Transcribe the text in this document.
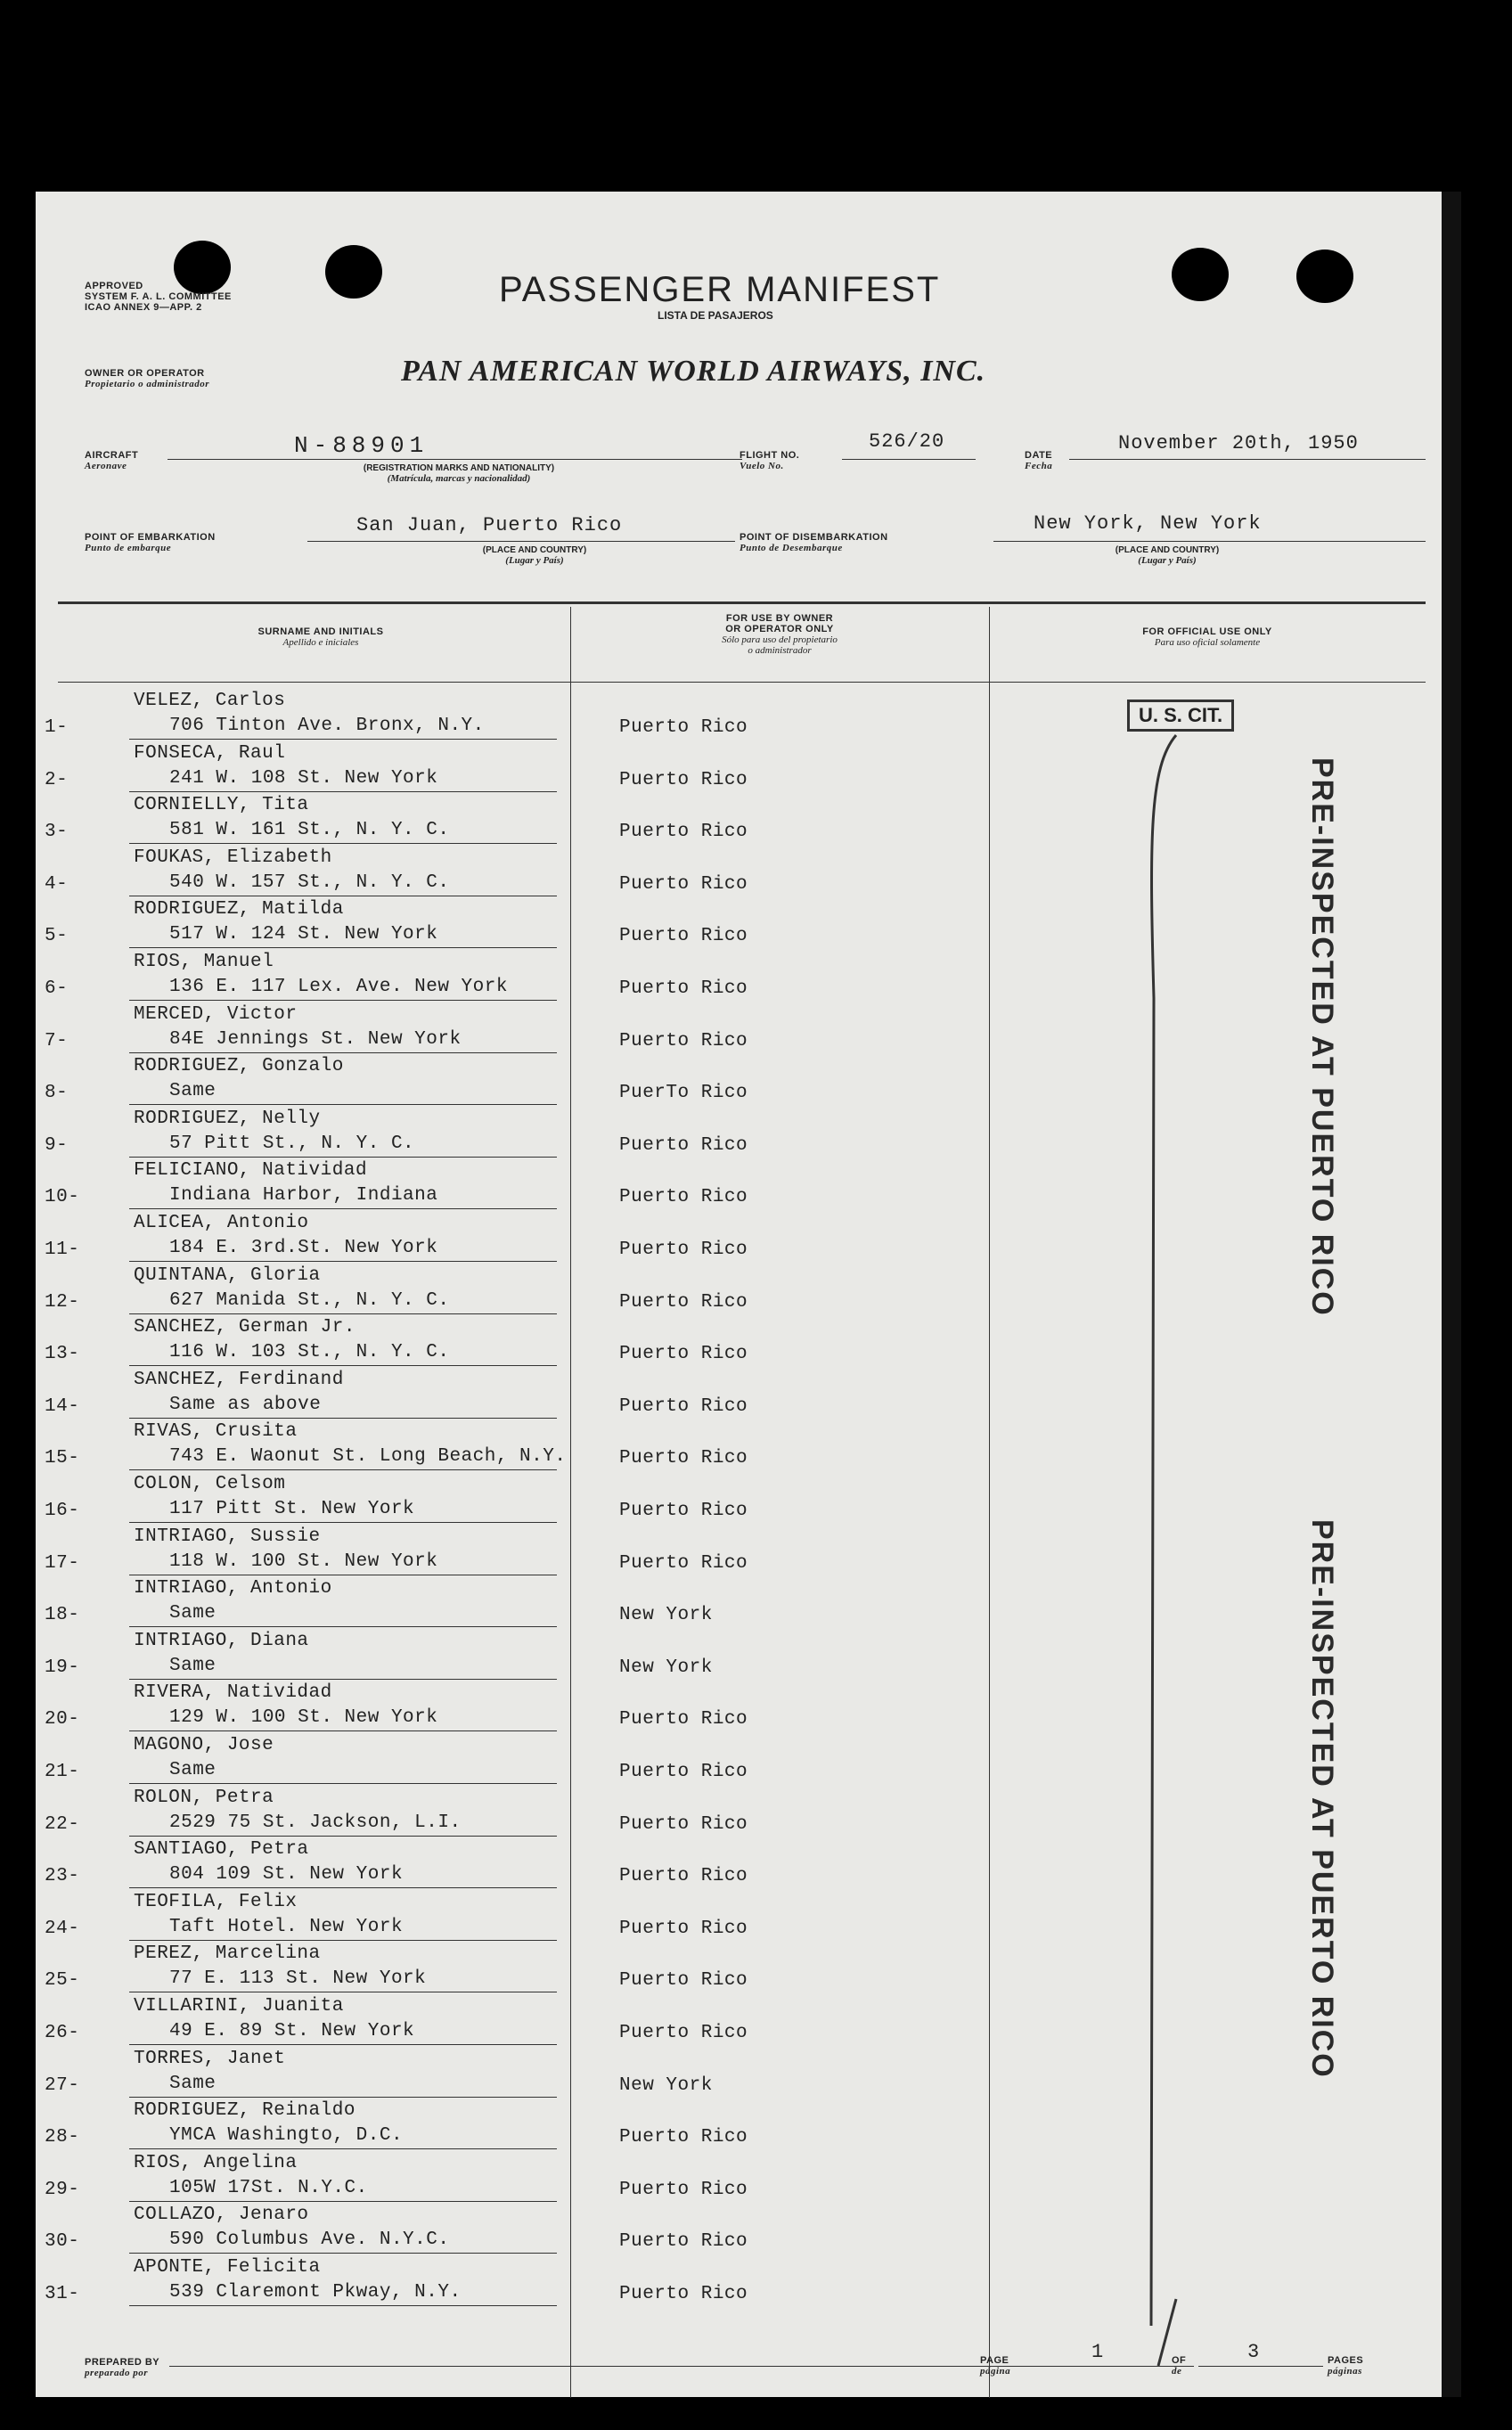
APPROVED
SYSTEM F. A. L. COMMITTEE
ICAO ANNEX 9—APP. 2	PASSENGER MANIFEST
LISTA DE PASAJEROS
OWNER OR OPERATOR
Propietario o administrador	PAN AMERICAN WORLD AIRWAYS, INC.
AIRCRAFT
Aeronave
N-88901
(REGISTRATION MARKS AND NATIONALITY)
(Matrícula, marcas y nacionalidad)
FLIGHT NO.
Vuelo No.
526/20
DATE
Fecha
November 20th, 1950
POINT OF EMBARKATION
Punto de embarque
San Juan, Puerto Rico
(PLACE AND COUNTRY)
(Lugar y País)
POINT OF DISEMBARKATION
Punto de Desembarque
New York, New York
(PLACE AND COUNTRY)
(Lugar y País)
SURNAME AND INITIALS
Apellido e iniciales
FOR USE BY OWNER
OR OPERATOR ONLY
Sólo para uso del propietario
o administrador
FOR OFFICIAL USE ONLY
Para uso oficial solamente
1-
VELEZ, Carlos
706 Tinton Ave. Bronx, N.Y.	Puerto Rico
2-
FONSECA, Raul
241 W. 108 St. New York	Puerto Rico
3-
CORNIELLY, Tita
581 W. 161 St., N. Y. C.	Puerto Rico
4-
FOUKAS, Elizabeth
540 W. 157 St., N. Y. C.	Puerto Rico
5-
RODRIGUEZ, Matilda
517 W. 124 St. New York	Puerto Rico
6-
RIOS, Manuel
136 E. 117 Lex. Ave. New York	Puerto Rico
7-
MERCED, Victor
84E Jennings St. New York	Puerto Rico
8-
RODRIGUEZ, Gonzalo
Same	PuerTo Rico
9-
RODRIGUEZ, Nelly
57 Pitt St., N. Y. C.	Puerto Rico
10-
FELICIANO, Natividad
Indiana Harbor, Indiana	Puerto Rico
11-
ALICEA, Antonio
184 E. 3rd.St. New York	Puerto Rico
12-
QUINTANA, Gloria
627 Manida St., N. Y. C.	Puerto Rico
13-
SANCHEZ, German Jr.
116 W. 103 St., N. Y. C.	Puerto Rico
14-
SANCHEZ, Ferdinand
Same as above	Puerto Rico
15-
RIVAS, Crusita
743 E. Waonut St. Long Beach, N.Y.	Puerto Rico
16-
COLON, Celsom
117 Pitt St. New York	Puerto Rico
17-
INTRIAGO, Sussie
118 W. 100 St. New York	Puerto Rico
18-
INTRIAGO, Antonio
Same	New York
19-
INTRIAGO, Diana
Same	New York
20-
RIVERA, Natividad
129 W. 100 St. New York	Puerto Rico
21-
MAGONO, Jose
Same	Puerto Rico
22-
ROLON, Petra
2529 75 St. Jackson, L.I.	Puerto Rico
23-
SANTIAGO, Petra
804 109 St. New York	Puerto Rico
24-
TEOFILA, Felix
Taft Hotel. New York	Puerto Rico
25-
PEREZ, Marcelina
77 E. 113 St. New York	Puerto Rico
26-
VILLARINI, Juanita
49 E. 89 St. New York	Puerto Rico
27-
TORRES, Janet
Same	New York
28-
RODRIGUEZ, Reinaldo
YMCA Washingto, D.C.	Puerto Rico
29-
RIOS, Angelina
105W 17St. N.Y.C.	Puerto Rico
30-
COLLAZO, Jenaro
590 Columbus Ave. N.Y.C.	Puerto Rico
31-
APONTE, Felicita
539 Claremont Pkway, N.Y.	Puerto Rico
U. S. CIT.
PRE-INSPECTED AT PUERTO RICO
PRE-INSPECTED AT PUERTO RICO
PREPARED BY
preparado por
PAGE
página
1	OF
de
3	PAGES
páginas
